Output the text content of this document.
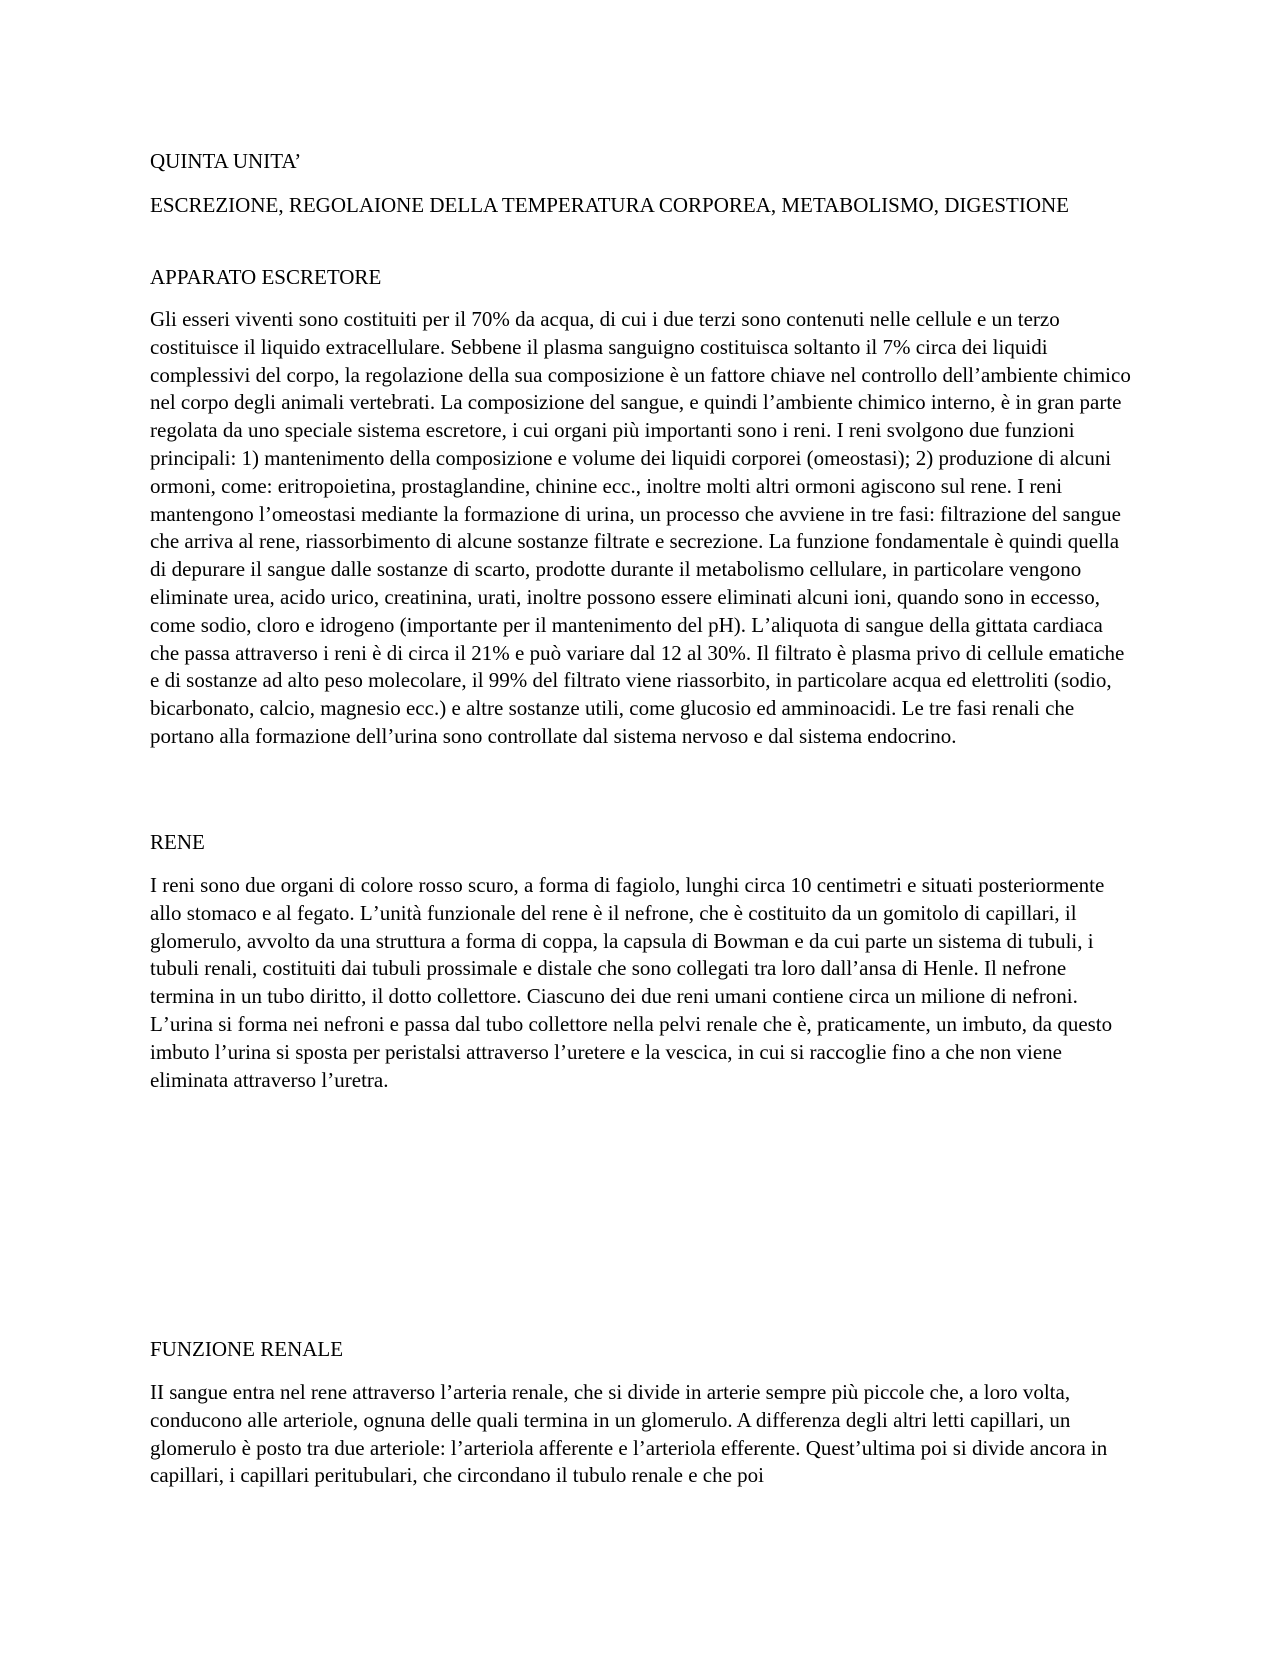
QUINTA UNITA’

ESCREZIONE, REGOLAIONE DELLA TEMPERATURA CORPOREA, METABOLISMO, DIGESTIONE

APPARATO ESCRETORE

Gli esseri viventi sono costituiti per il 70% da acqua, di cui i due terzi sono contenuti nelle cellule e un terzo costituisce il liquido extracellulare. Sebbene il plasma sanguigno costituisca soltanto il 7% circa dei liquidi complessivi del corpo, la regolazione della sua composizione è un fattore chiave nel controllo dellʼambiente chimico nel corpo degli animali vertebrati. La composizione del sangue, e quindi lʼambiente chimico interno, è in gran parte regolata da uno speciale sistema escretore, i cui organi più importanti sono i reni. I reni svolgono due funzioni principali: 1) mantenimento della composizione e volume dei liquidi corporei (omeostasi); 2) produzione di alcuni ormoni, come: eritropoietina, prostaglandine, chinine ecc., inoltre molti altri ormoni agiscono sul rene. I reni mantengono lʼomeostasi mediante la formazione di urina, un processo che avviene in tre fasi: filtrazione del sangue che arriva al rene, riassorbimento di alcune sostanze filtrate e secrezione. La funzione fondamentale è quindi quella di depurare il sangue dalle sostanze di scarto, prodotte durante il metabolismo cellulare, in particolare vengono eliminate urea, acido urico, creatinina, urati, inoltre possono essere eliminati alcuni ioni, quando sono in eccesso, come sodio, cloro e idrogeno (importante per il mantenimento del pH). Lʼaliquota di sangue della gittata cardiaca che passa attraverso i reni è di circa il 21% e può variare dal 12 al 30%. Il filtrato è plasma privo di cellule ematiche e di sostanze ad alto peso molecolare, il 99% del filtrato viene riassorbito, in particolare acqua ed elettroliti (sodio, bicarbonato, calcio, magnesio ecc.) e altre sostanze utili, come glucosio ed amminoacidi. Le tre fasi renali che portano alla formazione dellʼurina sono controllate dal sistema nervoso e dal sistema endocrino.

RENE

I reni sono due organi di colore rosso scuro, a forma di fagiolo, lunghi circa 10 centimetri e situati posteriormente allo stomaco e al fegato. Lʼunità funzionale del rene è il nefrone, che è costituito da un gomitolo di capillari, il glomerulo, avvolto da una struttura a forma di coppa, la capsula di Bowman e da cui parte un sistema di tubuli, i tubuli renali, costituiti dai tubuli prossimale e distale che sono collegati tra loro dallʼansa di Henle. Il nefrone termina in un tubo diritto, il dotto collettore. Ciascuno dei due reni umani contiene circa un milione di nefroni. Lʼurina si forma nei nefroni e passa dal tubo collettore nella pelvi renale che è, praticamente, un imbuto, da questo imbuto lʼurina si sposta per peristalsi attraverso lʼuretere e la vescica, in cui si raccoglie fino a che non viene eliminata attraverso lʼuretra.

FUNZIONE RENALE

II sangue entra nel rene attraverso lʼarteria renale, che si divide in arterie sempre più piccole che, a loro volta, conducono alle arteriole, ognuna delle quali termina in un glomerulo. A differenza degli altri letti capillari, un glomerulo è posto tra due arteriole: lʼarteriola afferente e lʼarteriola efferente. Questʼultima poi si divide ancora in capillari, i capillari peritubulari, che circondano il tubulo renale e che poi
